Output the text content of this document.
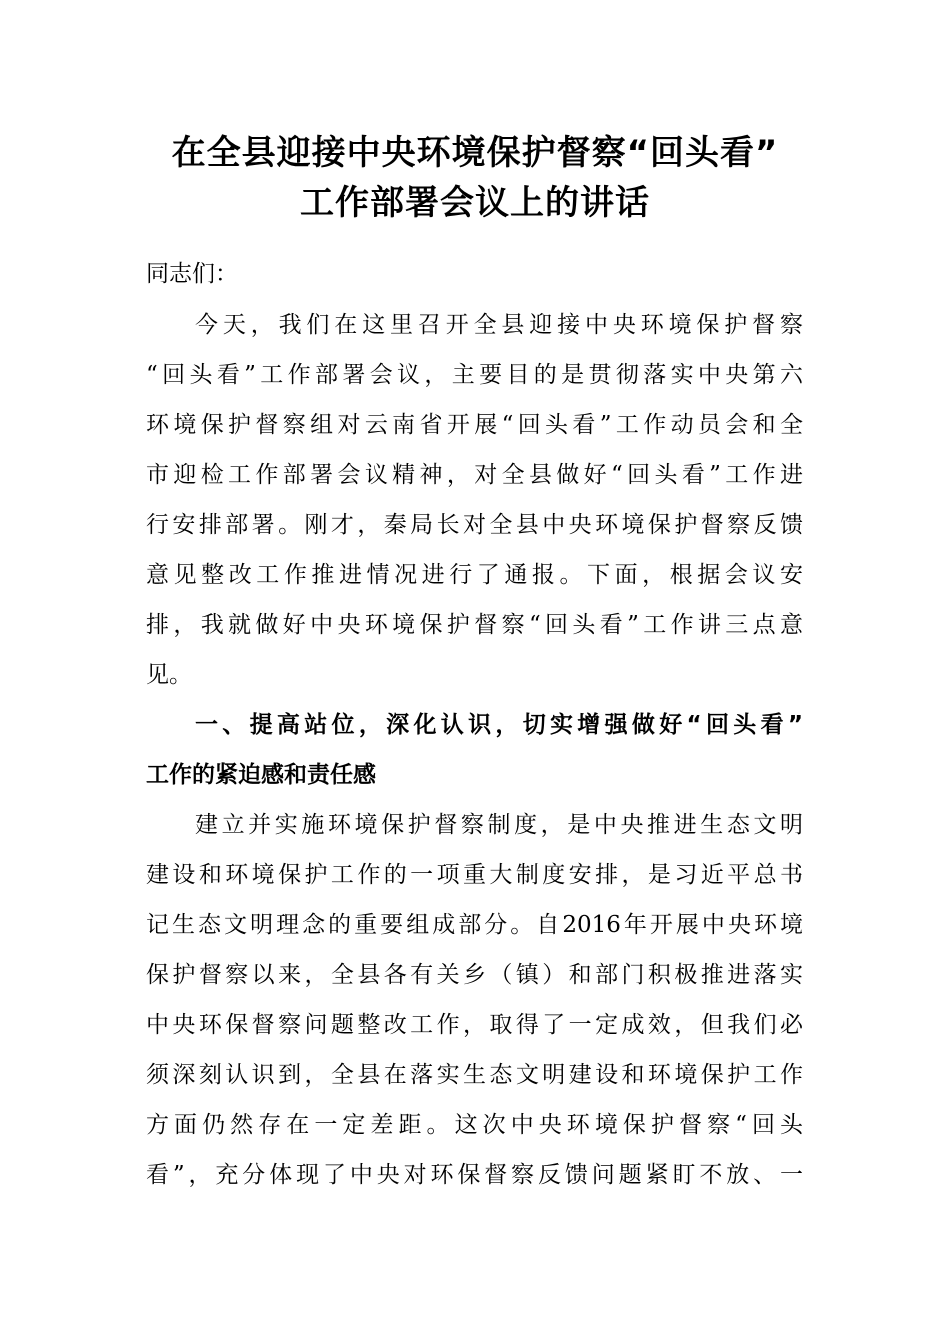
在全县迎接中央环境保护督察“回头看”
工作部署会议上的讲话
同志们：
今天，我们在这里召开全县迎接中央环境保护督察
“回头看”工作部署会议，主要目的是贯彻落实中央第六
环境保护督察组对云南省开展“回头看”工作动员会和全
市迎检工作部署会议精神，对全县做好“回头看”工作进
行安排部署。刚才，秦局长对全县中央环境保护督察反馈
意见整改工作推进情况进行了通报。下面，根据会议安
排，我就做好中央环境保护督察“回头看”工作讲三点意
见。
一、提高站位，深化认识，切实增强做好“回头看”
工作的紧迫感和责任感
建立并实施环境保护督察制度，是中央推进生态文明
建设和环境保护工作的一项重大制度安排，是习近平总书
记生态文明理念的重要组成部分。自2016年开展中央环境
保护督察以来，全县各有关乡（镇）和部门积极推进落实
中央环保督察问题整改工作，取得了一定成效，但我们必
须深刻认识到，全县在落实生态文明建设和环境保护工作
方面仍然存在一定差距。这次中央环境保护督察“回头
看”，充分体现了中央对环保督察反馈问题紧盯不放、一
